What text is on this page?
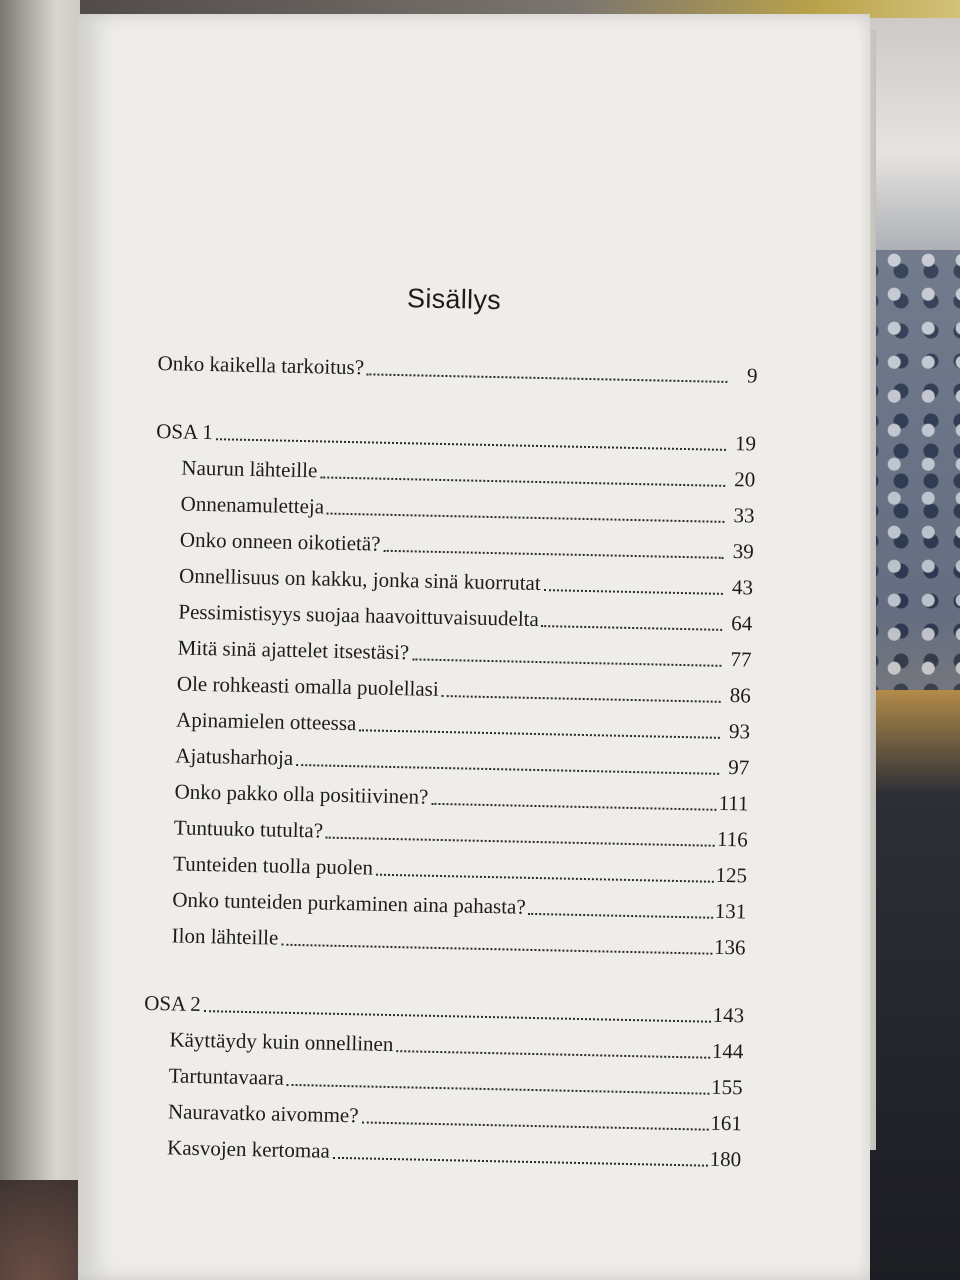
Sisällys
Onko kaikella tarkoitus?	9
OSA 1	19
Naurun lähteille	20
Onnenamuletteja	33
Onko onneen oikotietä?	39
Onnellisuus on kakku, jonka sinä kuorrutat	43
Pessimistisyys suojaa haavoittuvaisuudelta	64
Mitä sinä ajattelet itsestäsi?	77
Ole rohkeasti omalla puolellasi	86
Apinamielen otteessa	93
Ajatusharhoja	97
Onko pakko olla positiivinen?	111
Tuntuuko tutulta?	116
Tunteiden tuolla puolen	125
Onko tunteiden purkaminen aina pahasta?	131
Ilon lähteille	136
OSA 2	143
Käyttäydy kuin onnellinen	144
Tartuntavaara	155
Nauravatko aivomme?	161
Kasvojen kertomaa	180
